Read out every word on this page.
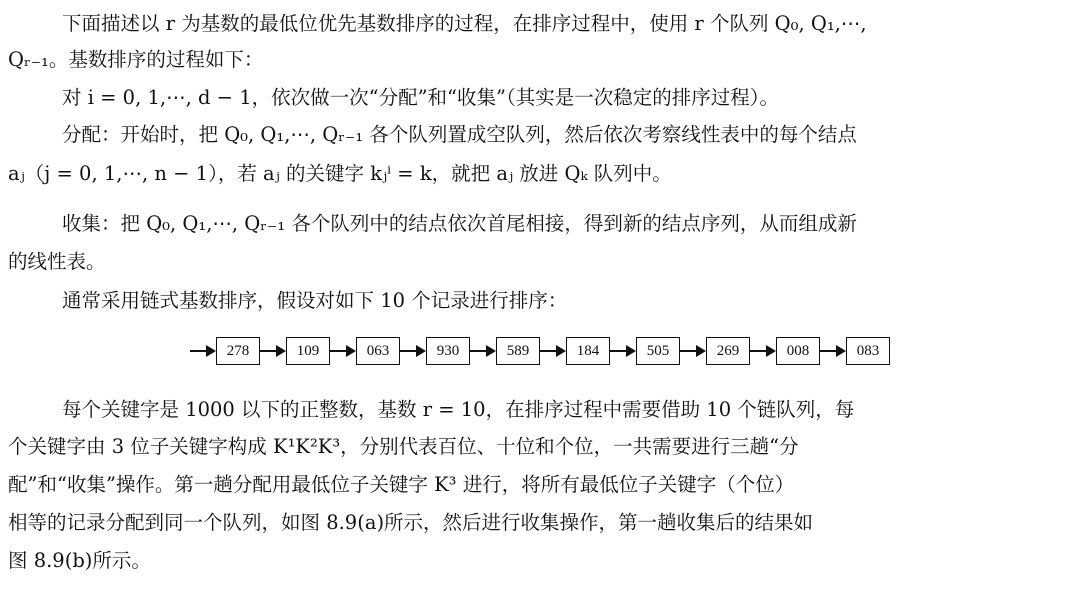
下面描述以 r 为基数的最低位优先基数排序的过程，在排序过程中，使用 r 个队列 Q₀, Q₁,⋯,
Qᵣ₋₁。基数排序的过程如下：
对 i = 0, 1,⋯, d − 1，依次做一次“分配”和“收集”（其实是一次稳定的排序过程）。
分配：开始时，把 Q₀, Q₁,⋯, Qᵣ₋₁ 各个队列置成空队列，然后依次考察线性表中的每个结点
aⱼ（j = 0, 1,⋯, n − 1），若 aⱼ 的关键字 kⱼⁱ = k，就把 aⱼ 放进 Qₖ 队列中。
收集：把 Q₀, Q₁,⋯, Qᵣ₋₁ 各个队列中的结点依次首尾相接，得到新的结点序列，从而组成新
的线性表。
通常采用链式基数排序，假设对如下 10 个记录进行排序：
278	109	063	930	589	184	505	269	008	083
每个关键字是 1000 以下的正整数，基数 r = 10，在排序过程中需要借助 10 个链队列，每
个关键字由 3 位子关键字构成 K¹K²K³，分别代表百位、十位和个位，一共需要进行三趟“分
配”和“收集”操作。第一趟分配用最低位子关键字 K³ 进行，将所有最低位子关键字（个位）
相等的记录分配到同一个队列，如图 8.9(a)所示，然后进行收集操作，第一趟收集后的结果如
图 8.9(b)所示。
